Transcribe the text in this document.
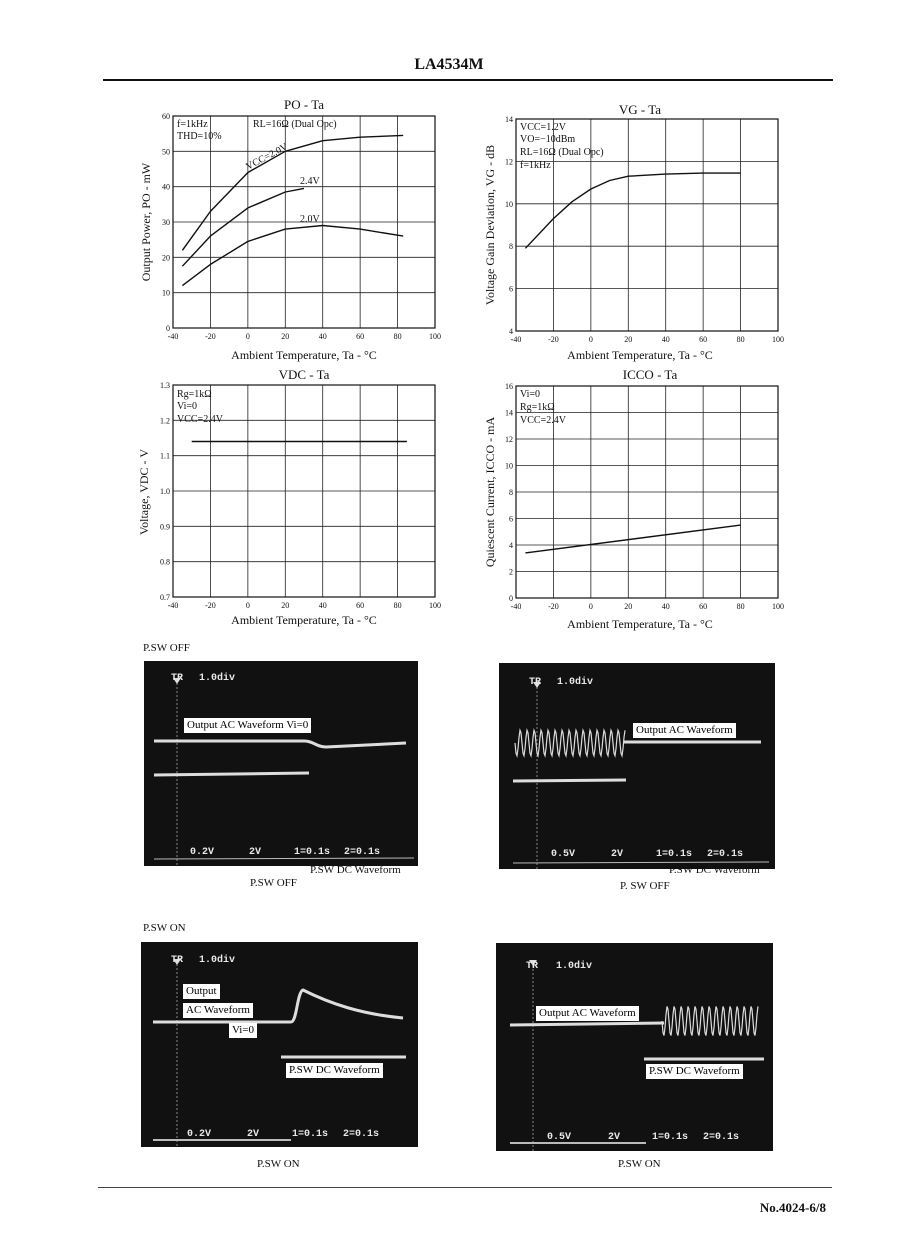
LA4534M
-40	-20	0	20	40	60	80	100
0
10
20
30
40
50
60
PO - Ta
Ambient Temperature, Ta - °C
Output Power, PO - mW
f=1kHz
THD=10%
RL=16Ω (Dual Opc)
VCC=2.0V
2.4V
2.0V
-40	-20	0	20	40	60	80	100
4
6
8
10
12
14
VG - Ta
Ambient Temperature, Ta - °C
Voltage Gain Deviation, VG - dB
VCC=1.2V
VO=−10dBm
RL=16Ω (Dual Opc)
f=1kHz
-40	-20	0	20	40	60	80	100
0.7
0.8
0.9
1.0
1.1
1.2
1.3
VDC - Ta
Ambient Temperature, Ta - °C
Voltage, VDC - V
Rg=1kΩ
Vi=0
VCC=2.4V
-40	-20	0	20	40	60	80	100
0
2
4
6
8
10
12
14
16
ICCO - Ta
Ambient Temperature, Ta - °C
Quiescent Current, ICCO - mA
Vi=0
Rg=1kΩ
VCC=2.4V
P.SW OFF
P.SW ON
TR 1.0div
Output AC Waveform Vi=0
0.2V	2V	1=0.1s 2=0.1s
P.SW DC Waveform
P.SW OFF
TR 1.0div
Output AC Waveform
0.5V	2V	1=0.1s 2=0.1s
P.SW DC Waveform
P. SW OFF
TR 1.0div
Output
AC Waveform
Vi=0
P.SW DC Waveform
0.2V	2V	1=0.1s 2=0.1s
P.SW ON
TR 1.0div
Output AC Waveform
P.SW DC Waveform
0.5V	2V	1=0.1s 2=0.1s
P.SW ON
No.4024-6/8
